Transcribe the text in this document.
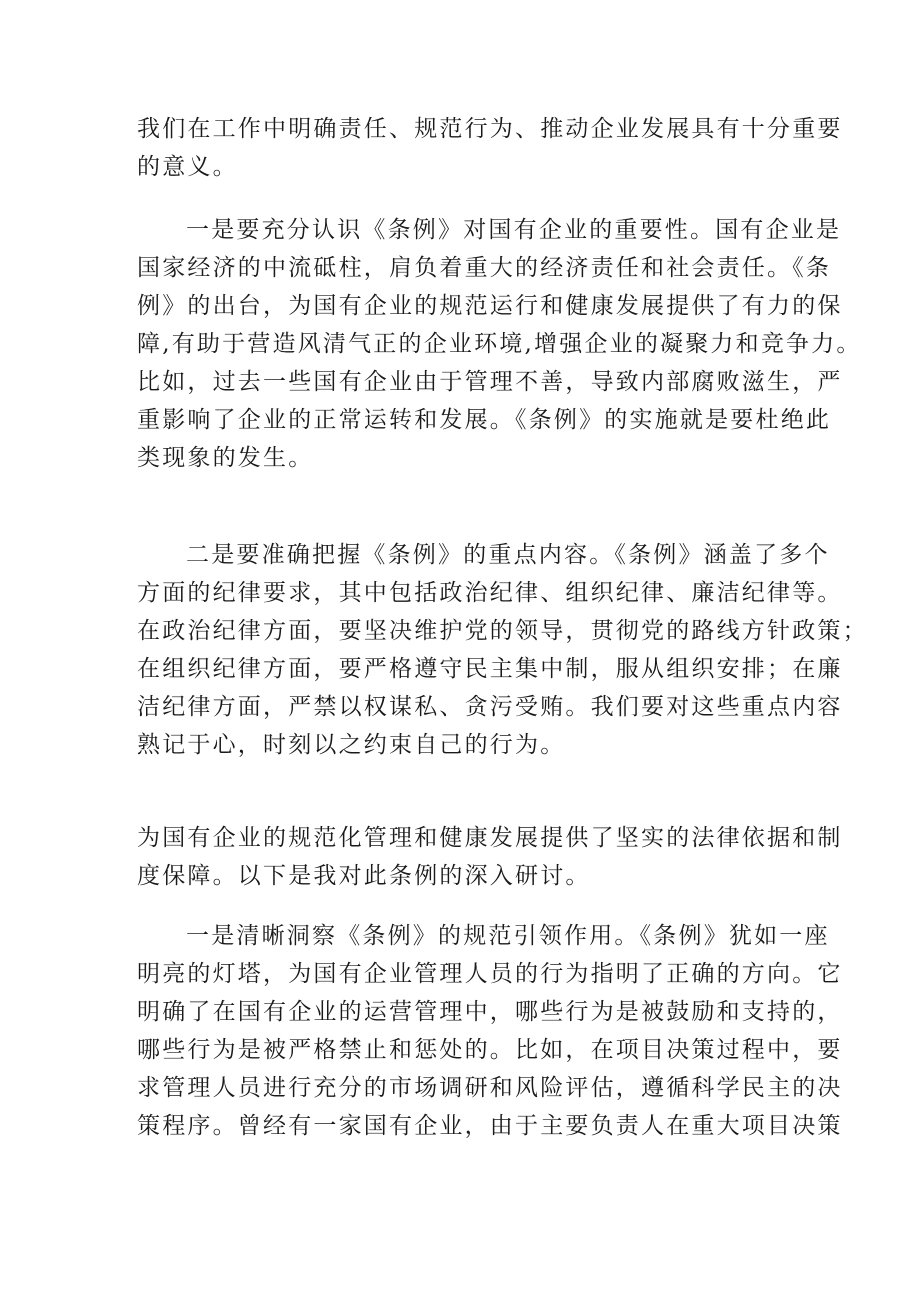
我们在工作中明确责任、规范行为、推动企业发展具有十分重要
的意义。
一是要充分认识《条例》对国有企业的重要性。国有企业是
国家经济的中流砥柱，肩负着重大的经济责任和社会责任。《条
例》的出台，为国有企业的规范运行和健康发展提供了有力的保
障,有助于营造风清气正的企业环境,增强企业的凝聚力和竞争力。
比如，过去一些国有企业由于管理不善，导致内部腐败滋生，严
重影响了企业的正常运转和发展。《条例》的实施就是要杜绝此
类现象的发生。
二是要准确把握《条例》的重点内容。《条例》涵盖了多个
方面的纪律要求，其中包括政治纪律、组织纪律、廉洁纪律等。
在政治纪律方面，要坚决维护党的领导，贯彻党的路线方针政策；
在组织纪律方面，要严格遵守民主集中制，服从组织安排；在廉
洁纪律方面，严禁以权谋私、贪污受贿。我们要对这些重点内容
熟记于心，时刻以之约束自己的行为。
为国有企业的规范化管理和健康发展提供了坚实的法律依据和制
度保障。以下是我对此条例的深入研讨。
一是清晰洞察《条例》的规范引领作用。《条例》犹如一座
明亮的灯塔，为国有企业管理人员的行为指明了正确的方向。它
明确了在国有企业的运营管理中，哪些行为是被鼓励和支持的，
哪些行为是被严格禁止和惩处的。比如，在项目决策过程中，要
求管理人员进行充分的市场调研和风险评估，遵循科学民主的决
策程序。曾经有一家国有企业，由于主要负责人在重大项目决策
